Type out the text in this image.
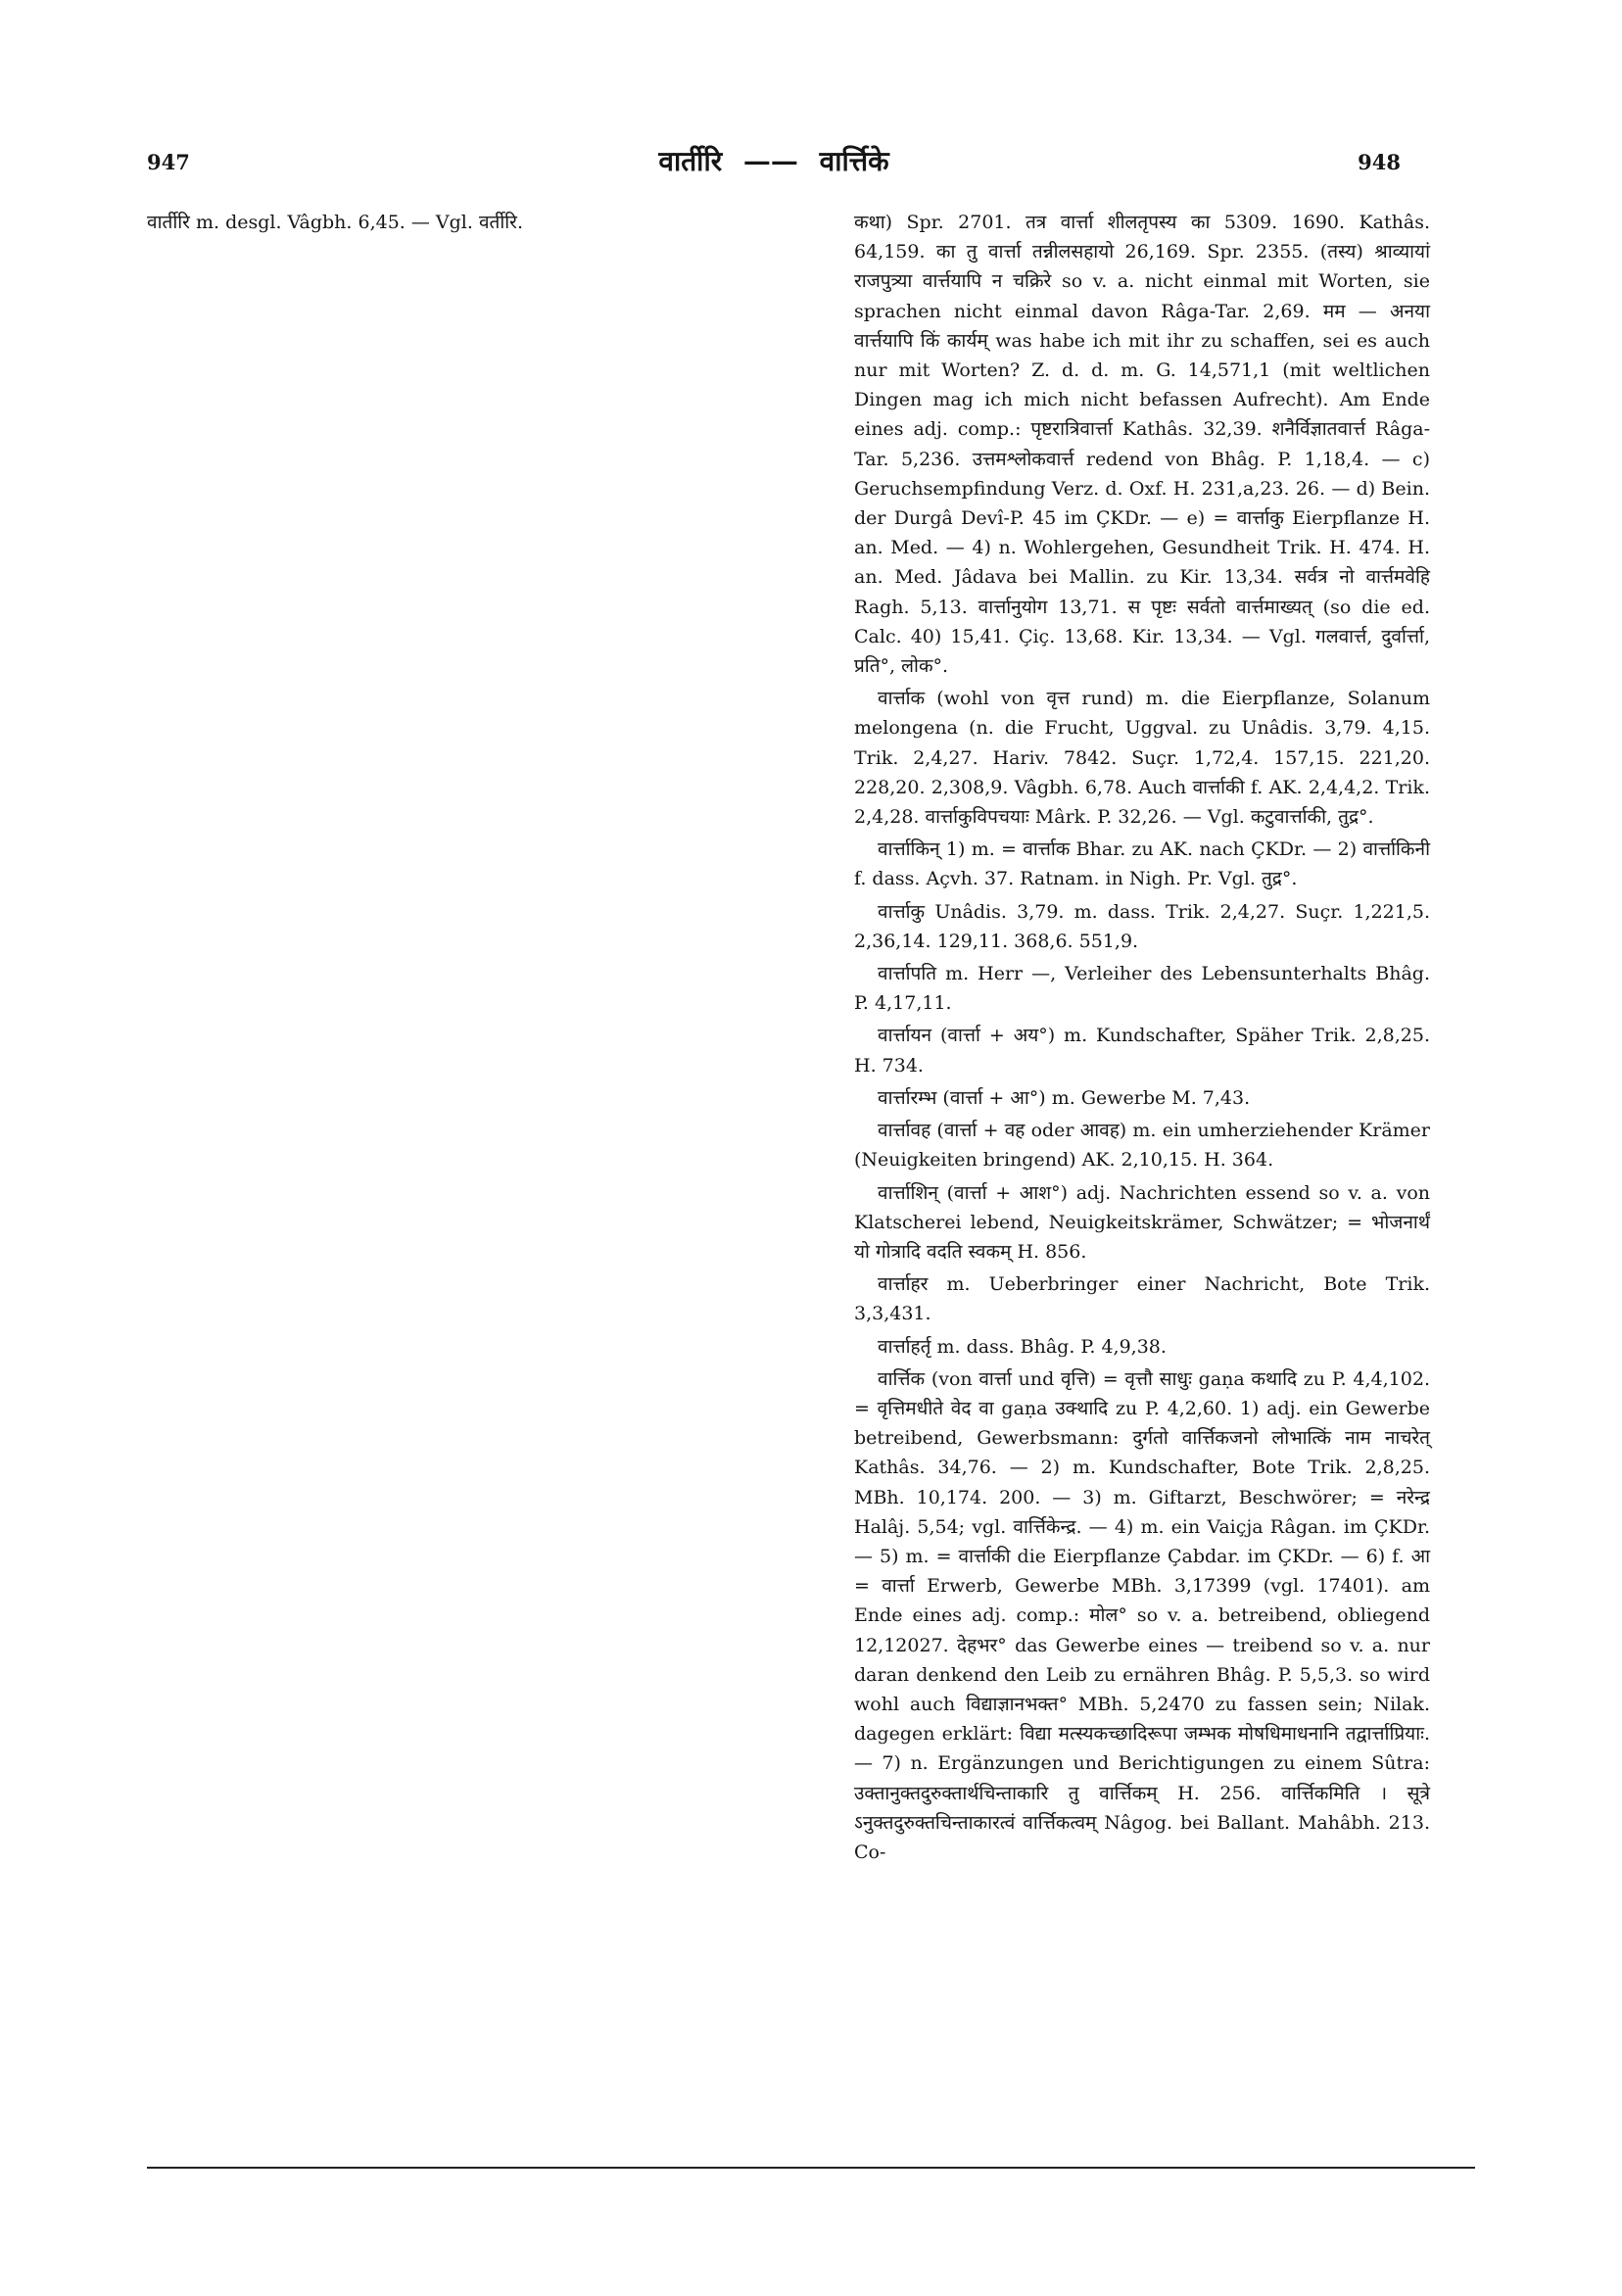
947	वार्तीरि —— वार्त्तिके	948

वार्तीरि m. desgl. Vâgbh. 6,45. — Vgl. वर्तीरि.	कथा) Spr. 2701. तत्र वार्त्ता शीलतृपस्य का 5309. 1690. Kathâs. 64,159. का तु वार्त्ता तन्नीलसहायो 26,169. Spr. 2355. (तस्य) श्राव्यायां राजपुत्र्या वार्त्तयापि न चक्रिरे so v. a. nicht einmal mit Worten, sie sprachen nicht einmal davon Râga-Tar. 2,69. मम — अनया वार्त्तयापि किं कार्यम् was habe ich mit ihr zu schaffen, sei es auch nur mit Worten? Z. d. d. m. G. 14,571,1 (mit weltlichen Dingen mag ich mich nicht befassen Aufrecht). Am Ende eines adj. comp.: पृष्टरात्रिवार्त्ता Kathâs. 32,39. शनैर्विज्ञातवार्त्त Râga-Tar. 5,236. उत्तमश्लोकवार्त्त redend von Bhâg. P. 1,18,4. — c) Geruchsempfindung Verz. d. Oxf. H. 231,a,23. 26. — d) Bein. der Durgâ Devî-P. 45 im ÇKDr. — e) = वार्त्ताकु Eierpflanze H. an. Med. — 4) n. Wohlergehen, Gesundheit Trik. H. 474. H. an. Med. Jâdava bei Mallin. zu Kir. 13,34. सर्वत्र नो वार्त्तमवेहि Ragh. 5,13. वार्त्तानुयोग 13,71. स पृष्टः सर्वतो वार्त्तमाख्यत् (so die ed. Calc. 40) 15,41. Çiç. 13,68. Kir. 13,34. — Vgl. गलवार्त्त, दुर्वार्त्ता, प्रति°, लोक°.

वार्त्ताक (wohl von वृत्त rund) m. die Eierpflanze, Solanum melongena (n. die Frucht, Uggval. zu Unâdis. 3,79. 4,15. Trik. 2,4,27. Hariv. 7842. Suçr. 1,72,4. 157,15. 221,20. 228,20. 2,308,9. Vâgbh. 6,78. Auch वार्त्ताकी f. AK. 2,4,4,2. Trik. 2,4,28. वार्त्ताकुविपचयाः Mârk. P. 32,26. — Vgl. कटुवार्त्ताकी, तुद्र°.

वार्त्ताकिन् 1) m. = वार्त्ताक Bhar. zu AK. nach ÇKDr. — 2) वार्त्ताकिनी f. dass. Açvh. 37. Ratnam. in Nigh. Pr. Vgl. तुद्र°.

वार्त्ताकु Unâdis. 3,79. m. dass. Trik. 2,4,27. Suçr. 1,221,5. 2,36,14. 129,11. 368,6. 551,9.

वार्त्तापति m. Herr —, Verleiher des Lebensunterhalts Bhâg. P. 4,17,11.

वार्त्तायन (वार्त्ता + अय°) m. Kundschafter, Späher Trik. 2,8,25. H. 734.

वार्त्तारम्भ (वार्त्ता + आ°) m. Gewerbe M. 7,43.

वार्त्तावह (वार्त्ता + वह oder आवह) m. ein umherziehender Krämer (Neuigkeiten bringend) AK. 2,10,15. H. 364.

वार्त्ताशिन् (वार्त्ता + आश°) adj. Nachrichten essend so v. a. von Klatscherei lebend, Neuigkeitskrämer, Schwätzer; = भोजनार्थं यो गोत्रादि वदति स्वकम् H. 856.

वार्त्ताहर m. Ueberbringer einer Nachricht, Bote Trik. 3,3,431.

वार्त्ताहर्तृ m. dass. Bhâg. P. 4,9,38.

वार्त्तिक (von वार्त्ता und वृत्ति) = वृत्तौ साधुः gaṇa कथादि zu P. 4,4,102. = वृत्तिमधीते वेद वा gaṇa उक्थादि zu P. 4,2,60. 1) adj. ein Gewerbe betreibend, Gewerbsmann: दुर्गतो वार्त्तिकजनो लोभात्किं नाम नाचरेत् Kathâs. 34,76. — 2) m. Kundschafter, Bote Trik. 2,8,25. MBh. 10,174. 200. — 3) m. Giftarzt, Beschwörer; = नरेन्द्र Halâj. 5,54; vgl. वार्त्तिकेन्द्र. — 4) m. ein Vaiçja Râgan. im ÇKDr. — 5) m. = वार्त्ताकी die Eierpflanze Çabdar. im ÇKDr. — 6) f. आ = वार्त्ता Erwerb, Gewerbe MBh. 3,17399 (vgl. 17401). am Ende eines adj. comp.: मोल° so v. a. betreibend, obliegend 12,12027. देहभर° das Gewerbe eines — treibend so v. a. nur daran denkend den Leib zu ernähren Bhâg. P. 5,5,3. so wird wohl auch विद्याज्ञानभक्त° MBh. 5,2470 zu fassen sein; Nilak. dagegen erklärt: विद्या मत्स्यकच्छादिरूपा जम्भक मोषधिमाधनानि तद्वार्त्ताप्रियाः. — 7) n. Ergänzungen und Berichtigungen zu einem Sûtra: उक्तानुक्तदुरुक्तार्थचिन्ताकारि तु वार्त्तिकम् H. 256. वार्त्तिकमिति । सूत्रे ऽनुक्तदुरुक्तचिन्ताकारत्वं वार्त्तिकत्वम् Nâgog. bei Ballant. Mahâbh. 213. Co-
